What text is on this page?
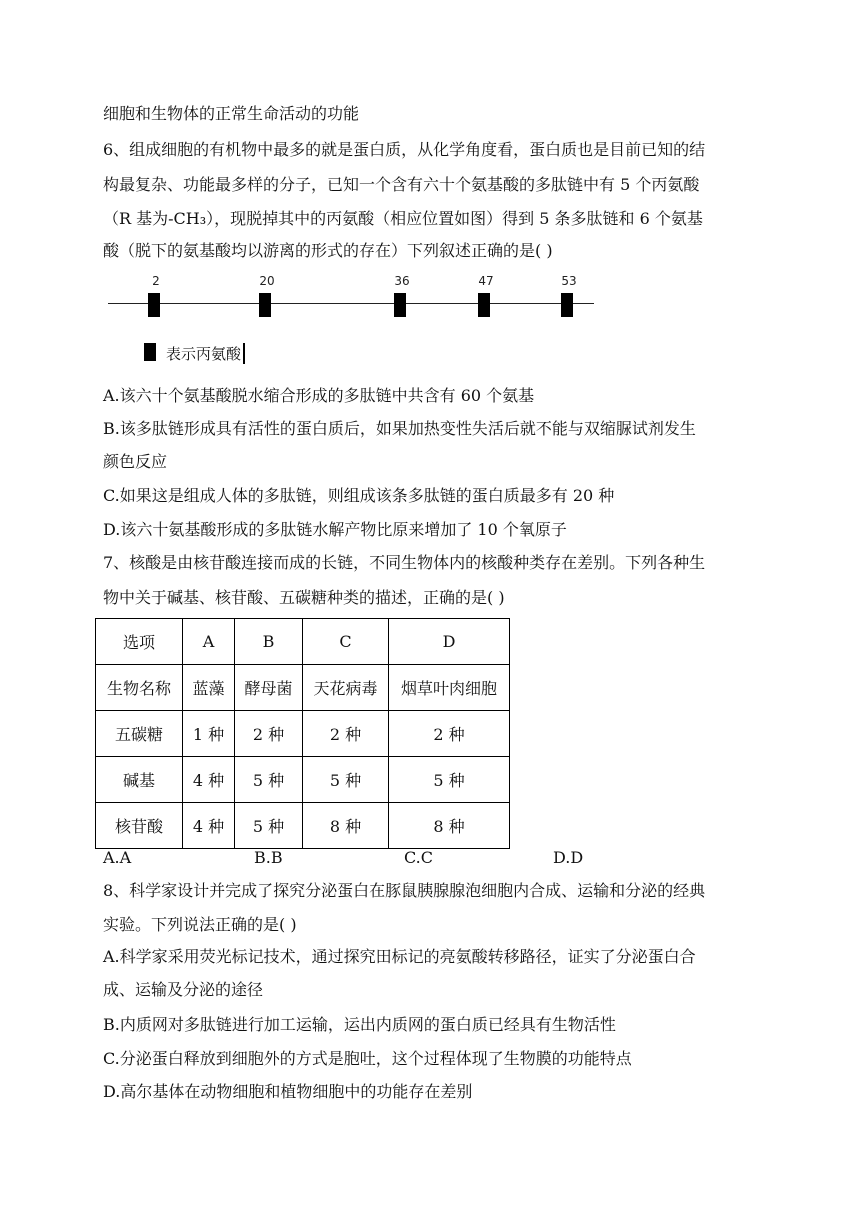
细胞和生物体的正常生命活动的功能
6、组成细胞的有机物中最多的就是蛋白质，从化学角度看，蛋白质也是目前已知的结
构最复杂、功能最多样的分子，已知一个含有六十个氨基酸的多肽链中有 5 个丙氨酸
（R 基为-CH₃），现脱掉其中的丙氨酸（相应位置如图）得到 5 条多肽链和 6 个氨基
酸（脱下的氨基酸均以游离的形式的存在）下列叙述正确的是( )
2	20	36	47	53
表示丙氨酸
A.该六十个氨基酸脱水缩合形成的多肽链中共含有 60 个氨基
B.该多肽链形成具有活性的蛋白质后，如果加热变性失活后就不能与双缩脲试剂发生
颜色反应
C.如果这是组成人体的多肽链，则组成该条多肽链的蛋白质最多有 20 种
D.该六十氨基酸形成的多肽链水解产物比原来增加了 10 个氧原子
7、核酸是由核苷酸连接而成的长链，不同生物体内的核酸种类存在差别。下列各种生
物中关于碱基、核苷酸、五碳糖种类的描述，正确的是( )
选项	A	B	C	D
生物名称	蓝藻	酵母菌	天花病毒	烟草叶肉细胞
五碳糖	1 种	2 种	2 种	2 种
碱基	4 种	5 种	5 种	5 种
核苷酸	4 种	5 种	8 种	8 种
A.A	B.B	C.C	D.D
8、科学家设计并完成了探究分泌蛋白在豚鼠胰腺腺泡细胞内合成、运输和分泌的经典
实验。下列说法正确的是( )
A.科学家采用荧光标记技术，通过探究田标记的亮氨酸转移路径，证实了分泌蛋白合
成、运输及分泌的途径
B.内质网对多肽链进行加工运输，运出内质网的蛋白质已经具有生物活性
C.分泌蛋白释放到细胞外的方式是胞吐，这个过程体现了生物膜的功能特点
D.高尔基体在动物细胞和植物细胞中的功能存在差别
